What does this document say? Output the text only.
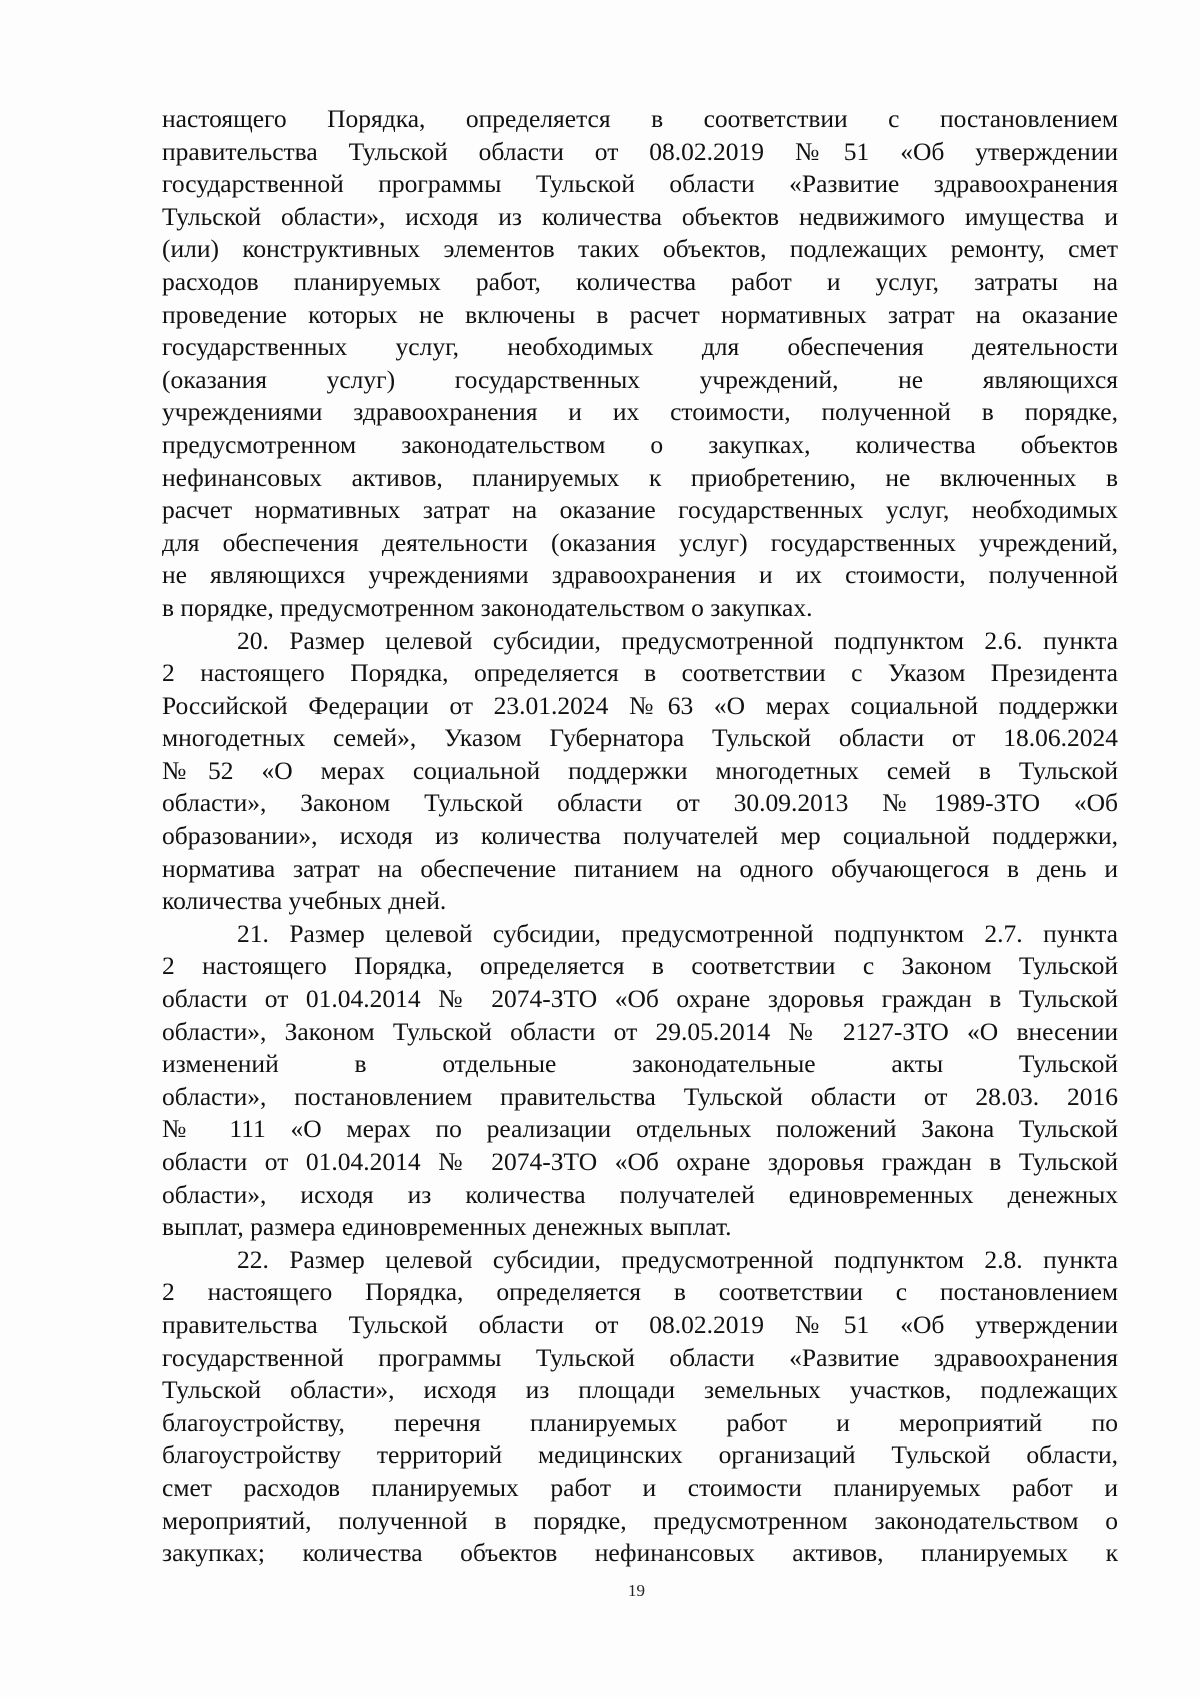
настоящего Порядка, определяется в соответствии с постановлением
правительства Тульской области от 08.02.2019 №51 «Об утверждении
государственной программы Тульской области «Развитие здравоохранения
Тульской области», исходя из количества объектов недвижимого имущества и
(или) конструктивных элементов таких объектов, подлежащих ремонту, смет
расходов планируемых работ, количества работ и услуг, затраты на
проведение которых не включены в расчет нормативных затрат на оказание
государственных услуг, необходимых для обеспечения деятельности
(оказания услуг) государственных учреждений, не являющихся
учреждениями здравоохранения и их стоимости, полученной в порядке,
предусмотренном законодательством о закупках, количества объектов
нефинансовых активов, планируемых к приобретению, не включенных в
расчет нормативных затрат на оказание государственных услуг, необходимых
для обеспечения деятельности (оказания услуг) государственных учреждений,
не являющихся учреждениями здравоохранения и их стоимости, полученной
в порядке, предусмотренном законодательством о закупках.
20. Размер целевой субсидии, предусмотренной подпунктом 2.6. пункта
2 настоящего Порядка, определяется в соответствии с Указом Президента
Российской Федерации от 23.01.2024 №63 «О мерах социальной поддержки
многодетных семей», Указом Губернатора Тульской области от 18.06.2024
№52 «О мерах социальной поддержки многодетных семей в Тульской
области», Законом Тульской области от 30.09.2013 №1989-ЗТО «Об
образовании», исходя из количества получателей мер социальной поддержки,
норматива затрат на обеспечение питанием на одного обучающегося в день и
количества учебных дней.
21. Размер целевой субсидии, предусмотренной подпунктом 2.7. пункта
2 настоящего Порядка, определяется в соответствии с Законом Тульской
области от 01.04.2014 № 2074-ЗТО «Об охране здоровья граждан в Тульской
области», Законом Тульской области от 29.05.2014 № 2127-ЗТО «О внесении
изменений в отдельные законодательные акты Тульской
области», постановлением правительства Тульской области от 28.03. 2016
№ 111 «О мерах по реализации отдельных положений Закона Тульской
области от 01.04.2014 № 2074-ЗТО «Об охране здоровья граждан в Тульской
области», исходя из количества получателей единовременных денежных
выплат, размера единовременных денежных выплат.
22. Размер целевой субсидии, предусмотренной подпунктом 2.8. пункта
2 настоящего Порядка, определяется в соответствии с постановлением
правительства Тульской области от 08.02.2019 №51 «Об утверждении
государственной программы Тульской области «Развитие здравоохранения
Тульской области», исходя из площади земельных участков, подлежащих
благоустройству, перечня планируемых работ и мероприятий по
благоустройству территорий медицинских организаций Тульской области,
смет расходов планируемых работ и стоимости планируемых работ и
мероприятий, полученной в порядке, предусмотренном законодательством о
закупках; количества объектов нефинансовых активов, планируемых к
19
